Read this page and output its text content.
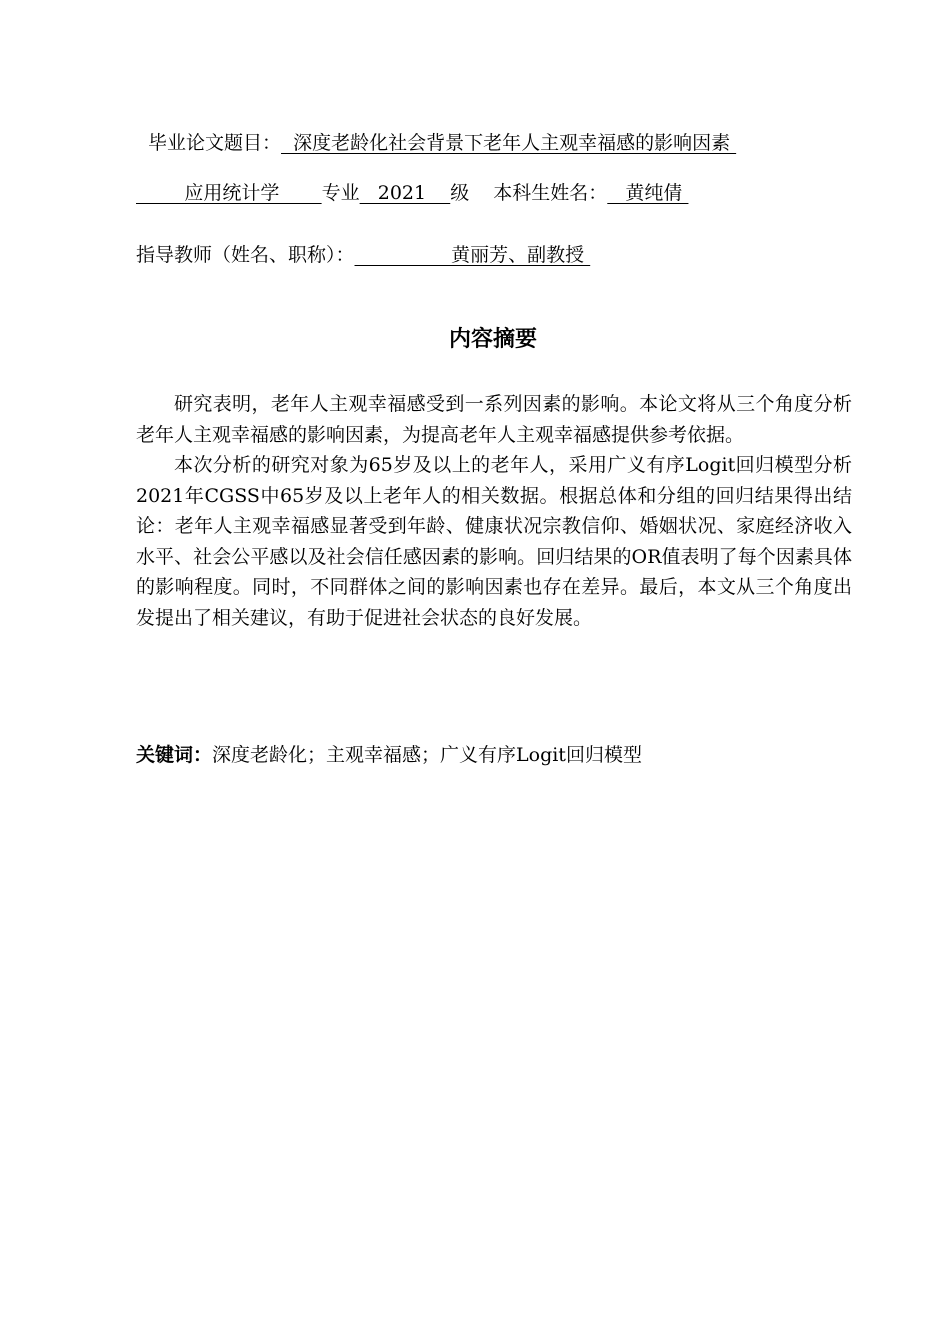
毕业论文题目：  深度老龄化社会背景下老年人主观幸福感的影响因素
应用统计学       专业   2021    级 本科生姓名：   黄纯倩
指导教师（姓名、职称）：                黄丽芳、副教授
内容摘要

研究表明，老年人主观幸福感受到一系列因素的影响。本论文将从三个角度分析老年人主观幸福感的影响因素，为提高老年人主观幸福感提供参考依据。

本次分析的研究对象为65岁及以上的老年人，采用广义有序Logit回归模型分析2021年CGSS中65岁及以上老年人的相关数据。根据总体和分组的回归结果得出结论：老年人主观幸福感显著受到年龄、健康状况宗教信仰、婚姻状况、家庭经济收入水平、社会公平感以及社会信任感因素的影响。回归结果的OR值表明了每个因素具体的影响程度。同时，不同群体之间的影响因素也存在差异。最后，本文从三个角度出发提出了相关建议，有助于促进社会状态的良好发展。

关键词：深度老龄化；主观幸福感；广义有序Logit回归模型
